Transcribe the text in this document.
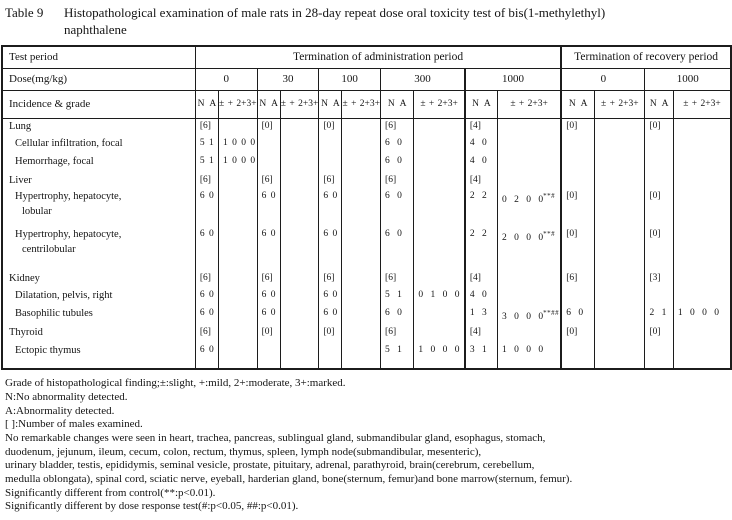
Table 9	Histopathological examination of male rats in 28-day repeat dose oral toxicity test of bis(1-methylethyl)
naphthalene
Test period	Termination of administration period										Termination of recovery period			
Dose(mg/kg)	0		30		100		300		1000		0		1000	
Incidence & grade	N A	± + 2+3+	N A	± + 2+3+	N A	± + 2+3+	N A	± + 2+3+	N A	± + 2+3+	N A	± + 2+3+	N A	± + 2+3+
Lung	[6]		[0]		[0]		[6]		[4]		[0]		[0]	
Cellular infiltration, focal	5 1	1 0 0 0					6 0		4 0					
Hemorrhage, focal	5 1	1 0 0 0					6 0		4 0					
Liver	[6]		[6]		[6]		[6]		[4]					
Hypertrophy, hepatocyte,
lobular	6 0		6 0		6 0		6 0		2 2	0 2 0 0**#	[0]		[0]	
Hypertrophy, hepatocyte,
centrilobular	6 0		6 0		6 0		6 0		2 2	2 0 0 0**#	[0]		[0]	
Kidney	[6]		[6]		[6]		[6]		[4]		[6]		[3]	
Dilatation, pelvis, right	6 0		6 0		6 0		5 1	0 1 0 0	4 0					
Basophilic tubules	6 0		6 0		6 0		6 0		1 3	3 0 0 0**##	6 0		2 1	1 0 0 0
Thyroid	[6]		[0]		[0]		[6]		[4]		[0]		[0]	
Ectopic thymus	6 0						5 1	1 0 0 0	3 1	1 0 0 0				
Grade of histopathological finding;±:slight, +:mild, 2+:moderate, 3+:marked.
N:No abnormality detected.
A:Abnormality detected.
[ ]:Number of males examined.
No remarkable changes were seen in heart, trachea, pancreas, sublingual gland, submandibular gland, esophagus, stomach,
duodenum, jejunum, ileum, cecum, colon, rectum, thymus, spleen, lymph node(submandibular, mesenteric),
urinary bladder, testis, epididymis, seminal vesicle, prostate, pituitary, adrenal, parathyroid, brain(cerebrum, cerebellum,
medulla oblongata), spinal cord, sciatic nerve, eyeball, harderian gland, bone(sternum, femur)and bone marrow(sternum, femur).
Significantly different from control(**:p<0.01).
Significantly different by dose response test(#:p<0.05, ##:p<0.01).
